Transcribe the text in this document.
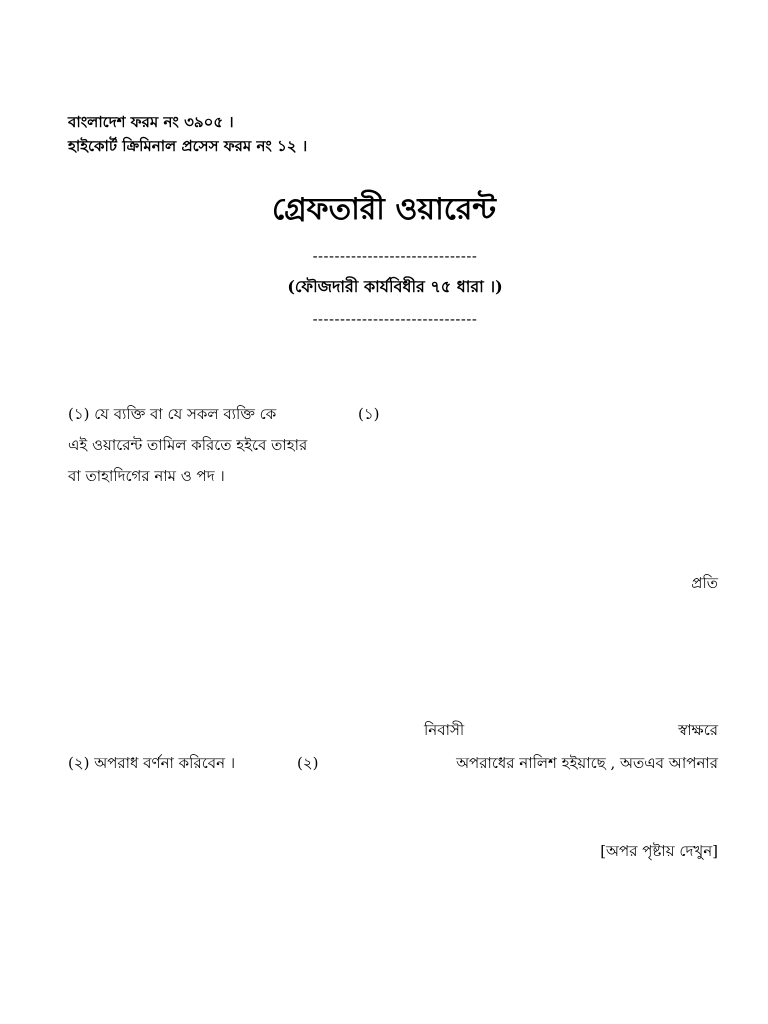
বাংলাদেশ ফরম নং ৩৯০৫ ।
হাইকোর্ট ক্রিমিনাল প্রসেস ফরম নং ১২ ।
গ্রেফতারী ওয়ারেন্ট
------------------------------
(ফৌজদারী কার্যবিধীর ৭৫ ধারা ।)
------------------------------
(১) যে ব্যক্তি বা যে সকল ব্যক্তি কে	(১)
এই ওয়ারেন্ট তামিল করিতে হইবে তাহার
বা তাহাদিগের নাম ও পদ ।
প্রতি
নিবাসী	স্বাক্ষরে
(২) অপরাধ বর্ণনা করিবেন ।	(২)	অপরাধের নালিশ হইয়াছে , অতএব আপনার
[অপর পৃষ্টায় দেখুন]
